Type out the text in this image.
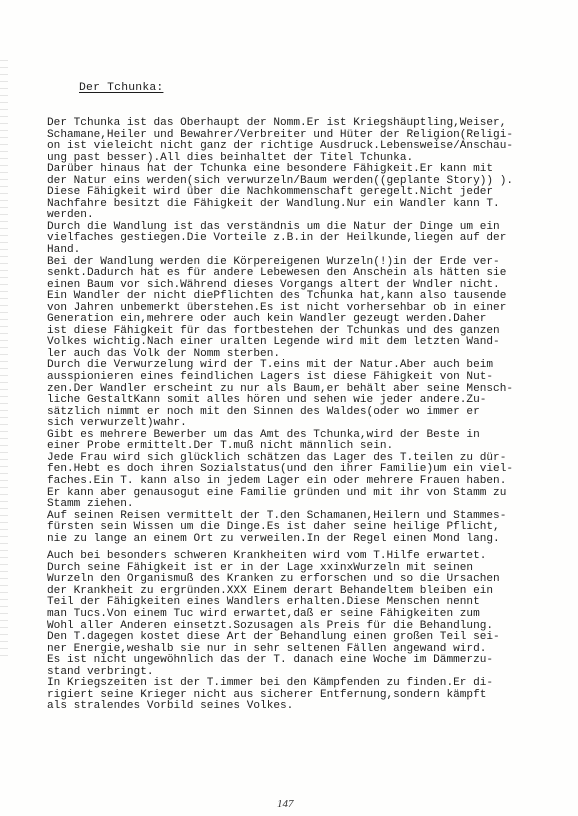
Der Tchunka:
Der Tchunka ist das Oberhaupt der Nomm.Er ist Kriegshäuptling,Weiser,
Schamane,Heiler und Bewahrer/Verbreiter und Hüter der Religion(Religi-
on ist vieleicht nicht ganz der richtige Ausdruck.Lebensweise/Anschau-
ung past besser).All dies beinhaltet der Titel Tchunka.
Darüber hinaus hat der Tchunka eine besondere Fähigkeit.Er kann mit
der Natur eins werden(sich verwurzeln/Baum werden((geplante Story)) ).
Diese Fähigkeit wird über die Nachkommenschaft geregelt.Nicht jeder
Nachfahre besitzt die Fähigkeit der Wandlung.Nur ein Wandler kann T.
werden.
Durch die Wandlung ist das verständnis um die Natur der Dinge um ein
vielfaches gestiegen.Die Vorteile z.B.in der Heilkunde,liegen auf der
Hand.
Bei der Wandlung werden die Körpereigenen Wurzeln(!)in der Erde ver-
senkt.Dadurch hat es für andere Lebewesen den Anschein als hätten sie
einen Baum vor sich.Während dieses Vorgangs altert der Wndler nicht.
Ein Wandler der nicht diePflichten des Tchunka hat,kann also tausende
von Jahren unbemerkt überstehen.Es ist nicht vorhersehbar ob in einer
Generation ein,mehrere oder auch kein Wandler gezeugt werden.Daher
ist diese Fähigkeit für das fortbestehen der Tchunkas und des ganzen
Volkes wichtig.Nach einer uralten Legende wird mit dem letzten Wand-
ler auch das Volk der Nomm sterben.
Durch die Verwurzelung wird der T.eins mit der Natur.Aber auch beim
ausspionieren eines feindlichen Lagers ist diese Fähigkeit von Nut-
zen.Der Wandler erscheint zu nur als Baum,er behält aber seine Mensch-
liche GestaltKann somit alles hören und sehen wie jeder andere.Zu-
sätzlich nimmt er noch mit den Sinnen des Waldes(oder wo immer er
sich verwurzelt)wahr.
Gibt es mehrere Bewerber um das Amt des Tchunka,wird der Beste in
einer Probe ermittelt.Der T.muß nicht männlich sein.
Jede Frau wird sich glücklich schätzen das Lager des T.teilen zu dür-
fen.Hebt es doch ihren Sozialstatus(und den ihrer Familie)um ein viel-
faches.Ein T. kann also in jedem Lager ein oder mehrere Frauen haben.
Er kann aber genausogut eine Familie gründen und mit ihr von Stamm zu
Stamm ziehen.
Auf seinen Reisen vermittelt der T.den Schamanen,Heilern und Stammes-
fürsten sein Wissen um die Dinge.Es ist daher seine heilige Pflicht,
nie zu lange an einem Ort zu verweilen.In der Regel einen Mond lang.
Auch bei besonders schweren Krankheiten wird vom T.Hilfe erwartet.
Durch seine Fähigkeit ist er in der Lage xxinxWurzeln mit seinen
Wurzeln den Organismuß des Kranken zu erforschen und so die Ursachen
der Krankheit zu ergründen.XXX Einem derart Behandeltem bleiben ein
Teil der Fähigkeiten eines Wandlers erhalten.Diese Menschen nennt
man Tucs.Von einem Tuc wird erwartet,daß er seine Fähigkeiten zum
Wohl aller Anderen einsetzt.Sozusagen als Preis für die Behandlung.
Den T.dagegen kostet diese Art der Behandlung einen großen Teil sei-
ner Energie,weshalb sie nur in sehr seltenen Fällen angewand wird.
Es ist nicht ungewöhnlich das der T. danach eine Woche im Dämmerzu-
stand verbringt.
In Kriegszeiten ist der T.immer bei den Kämpfenden zu finden.Er di-
rigiert seine Krieger nicht aus sicherer Entfernung,sondern kämpft
als stralendes Vorbild seines Volkes.
147
